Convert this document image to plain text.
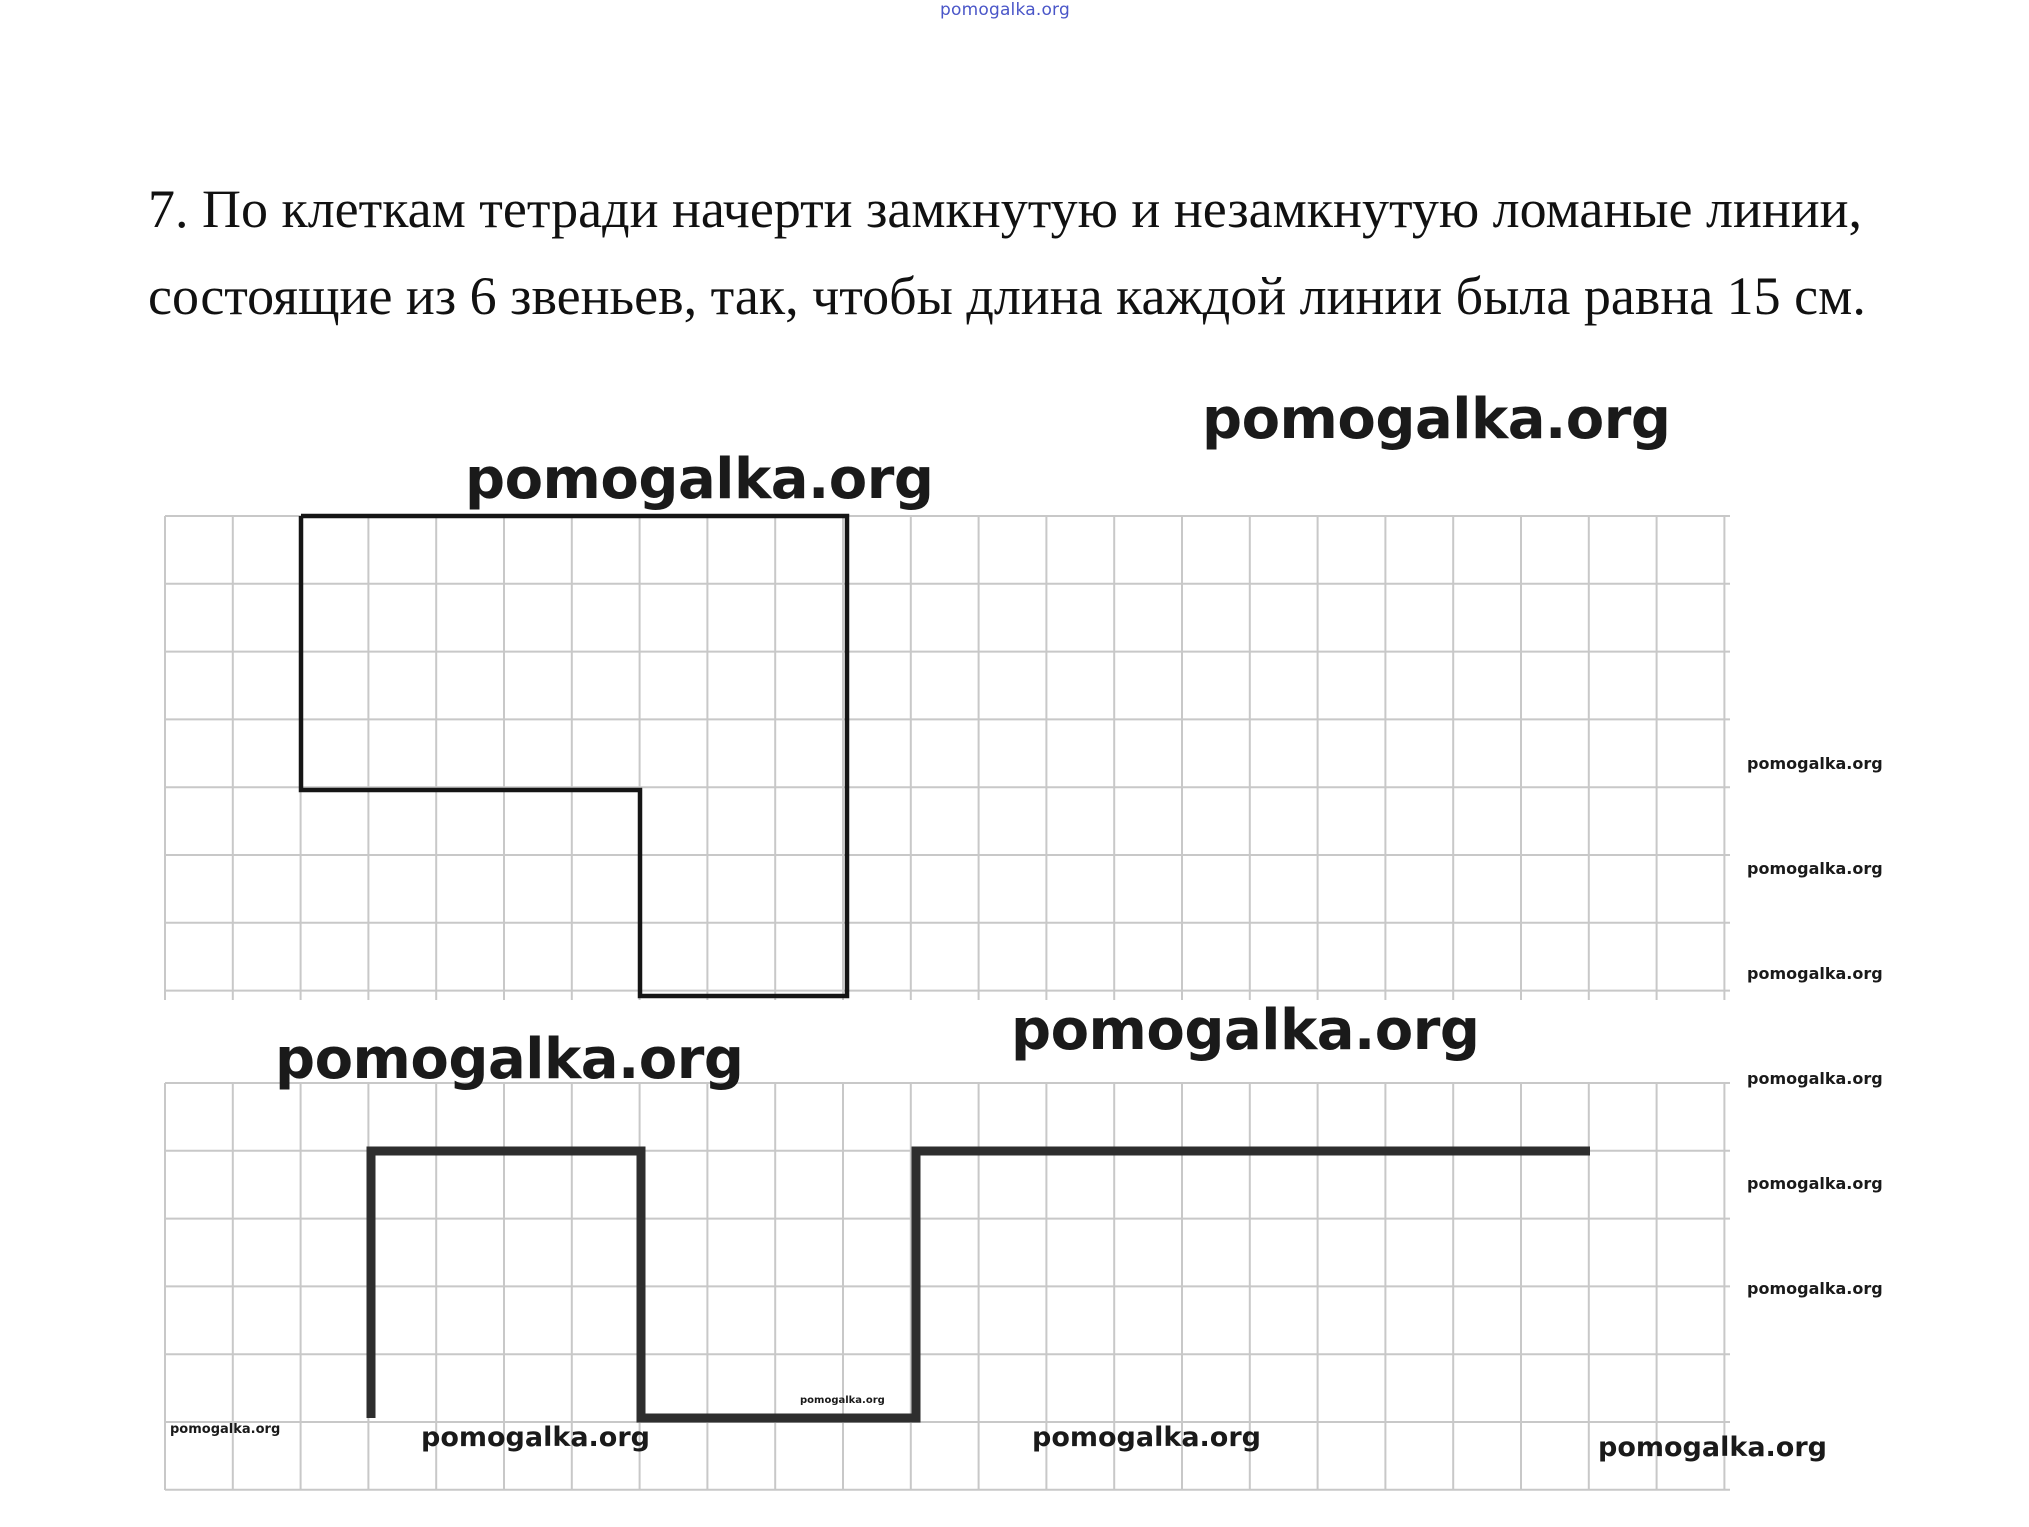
pomogalka.org

7. По клеткам тетради начерти замкнутую и незамкнутую ломаные линии, состоящие из 6 звеньев, так, чтобы длина каждой линии была равна 15 см.

pomogalka.org
pomogalka.org
pomogalka.org
pomogalka.org
pomogalka.org	pomogalka.org	pomogalka.org
pomogalka.org
pomogalka.org
pomogalka.org
pomogalka.org
pomogalka.org
pomogalka.org
pomogalka.org
pomogalka.org
